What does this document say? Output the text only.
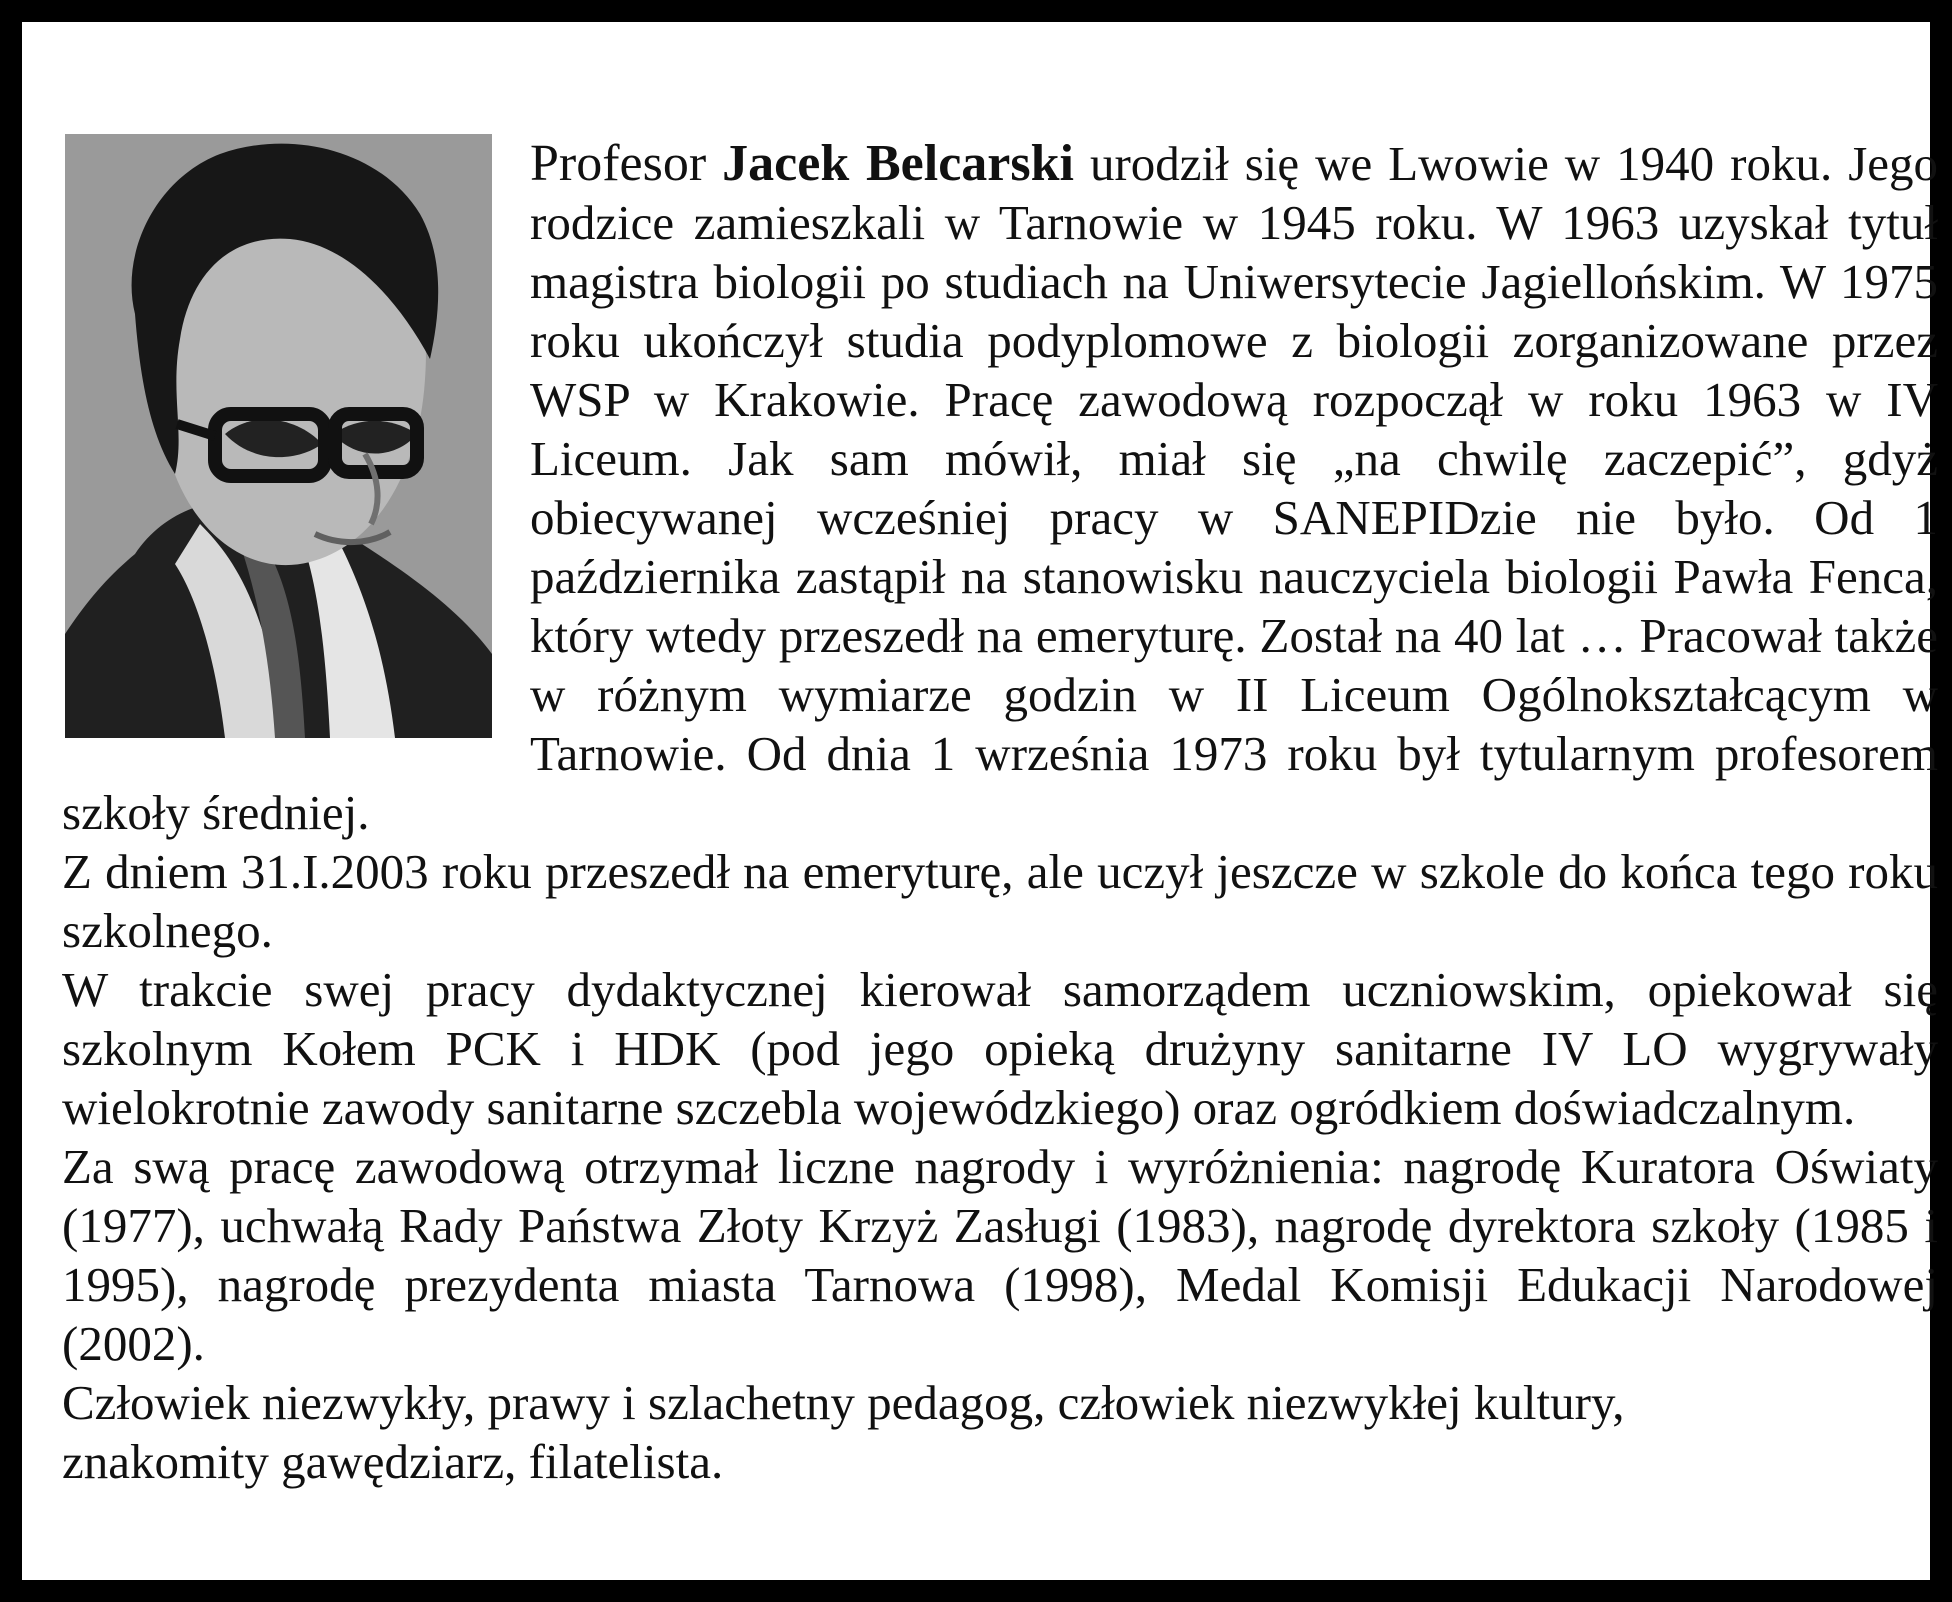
Profesor Jacek Belcarski urodził się we Lwowie w 1940 roku. Jego rodzice zamieszkali w Tarnowie w 1945 roku. W 1963 uzyskał tytuł magistra biologii po studiach na Uniwersytecie Jagiellońskim. W 1975 roku ukończył studia podyplomowe z biologii zorganizowane przez WSP w Krakowie. Pracę zawodową rozpoczął w roku 1963 w IV Liceum. Jak sam mówił, miał się „na chwilę zaczepić”, gdyż obiecywanej wcześniej pracy w SANEPIDzie nie było. Od 1 października zastąpił na stanowisku nauczyciela biologii Pawła Fenca, który wtedy przeszedł na emeryturę. Został na 40 lat … Pracował także w różnym wymiarze godzin w II Liceum Ogólnokształcącym w Tarnowie. Od dnia 1 września 1973 roku był tytularnym profesorem szkoły średniej.

Z dniem 31.I.2003 roku przeszedł na emeryturę, ale uczył jeszcze w szkole do końca tego roku szkolnego.

W trakcie swej pracy dydaktycznej kierował samorządem uczniowskim, opiekował się szkolnym Kołem PCK i HDK (pod jego opieką drużyny sanitarne IV LO wygrywały wielokrotnie zawody sanitarne szczebla wojewódzkiego) oraz ogródkiem doświadczalnym.

Za swą pracę zawodową otrzymał liczne nagrody i wyróżnienia: nagrodę Kuratora Oświaty (1977), uchwałą Rady Państwa Złoty Krzyż Zasługi (1983), nagrodę dyrektora szkoły (1985 i 1995), nagrodę prezydenta miasta Tarnowa (1998), Medal Komisji Edukacji Narodowej (2002).

Człowiek niezwykły, prawy i szlachetny pedagog, człowiek niezwykłej kultury,

znakomity gawędziarz, filatelista.
